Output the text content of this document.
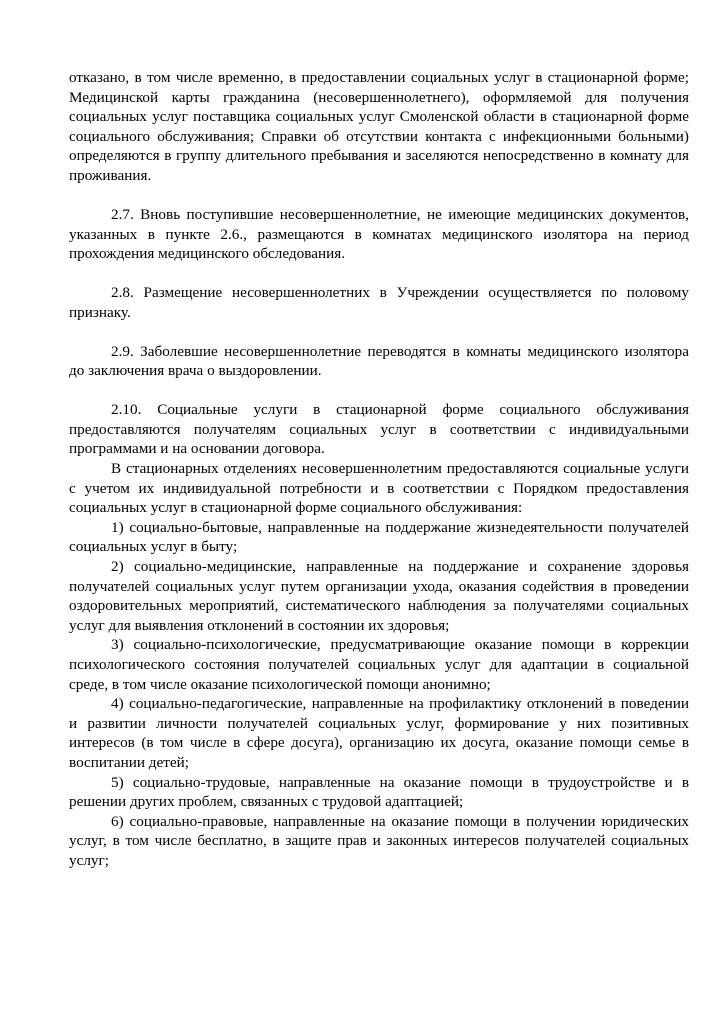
отказано, в том числе временно, в предоставлении социальных услуг в стационарной форме; Медицинской карты гражданина (несовершеннолетнего), оформляемой для получения социальных услуг поставщика социальных услуг Смоленской области в стационарной форме социального обслуживания; Справки об отсутствии контакта с инфекционными больными) определяются в группу длительного пребывания и заселяются непосредственно в комнату для проживания.

2.7. Вновь поступившие несовершеннолетние, не имеющие медицинских документов, указанных в пункте 2.6., размещаются в комнатах медицинского изолятора на период прохождения медицинского обследования.

2.8. Размещение несовершеннолетних в Учреждении осуществляется по половому признаку.

2.9. Заболевшие несовершеннолетние переводятся в комнаты медицинского изолятора до заключения врача о выздоровлении.

2.10. Социальные услуги в стационарной форме социального обслуживания предоставляются получателям социальных услуг в соответствии с индивидуальными программами и на основании договора.

В стационарных отделениях несовершеннолетним предоставляются социальные услуги с учетом их индивидуальной потребности и в соответствии с Порядком предоставления социальных услуг в стационарной форме социального обслуживания:

1) социально-бытовые, направленные на поддержание жизнедеятельности получателей социальных услуг в быту;

2) социально-медицинские, направленные на поддержание и сохранение здоровья получателей социальных услуг путем организации ухода, оказания содействия в проведении оздоровительных мероприятий, систематического наблюдения за получателями социальных услуг для выявления отклонений в состоянии их здоровья;

3) социально-психологические, предусматривающие оказание помощи в коррекции психологического состояния получателей социальных услуг для адаптации в социальной среде, в том числе оказание психологической помощи анонимно;

4) социально-педагогические, направленные на профилактику отклонений в поведении и развитии личности получателей социальных услуг, формирование у них позитивных интересов (в том числе в сфере досуга), организацию их досуга, оказание помощи семье в воспитании детей;

5) социально-трудовые, направленные на оказание помощи в трудоустройстве и в решении других проблем, связанных с трудовой адаптацией;

6) социально-правовые, направленные на оказание помощи в получении юридических услуг, в том числе бесплатно, в защите прав и законных интересов получателей социальных услуг;
